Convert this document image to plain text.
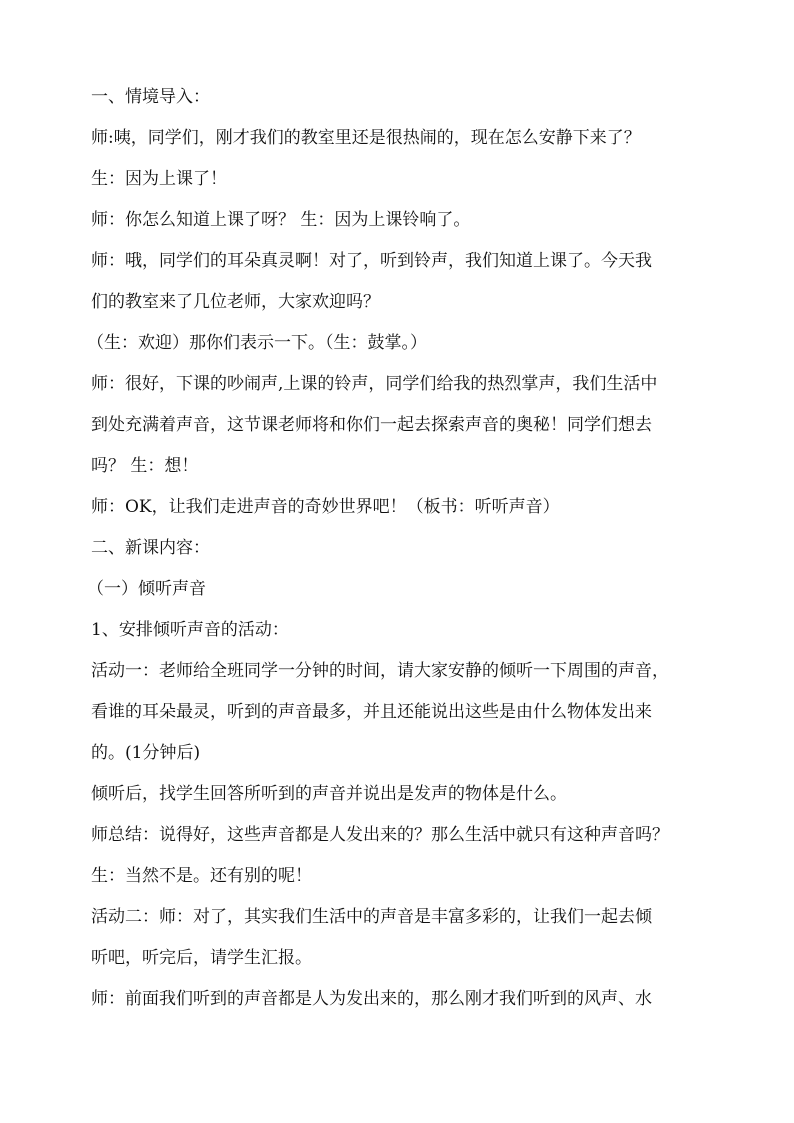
一、情境导入：
师:咦，同学们，刚才我们的教室里还是很热闹的，现在怎么安静下来了？
生：因为上课了！
师：你怎么知道上课了呀？ 生：因为上课铃响了。
师：哦，同学们的耳朵真灵啊！对了，听到铃声，我们知道上课了。今天我
们的教室来了几位老师，大家欢迎吗？
（生：欢迎）那你们表示一下。（生：鼓掌。）
师：很好，下课的吵闹声,上课的铃声，同学们给我的热烈掌声，我们生活中
到处充满着声音，这节课老师将和你们一起去探索声音的奥秘！同学们想去
吗？ 生：想！
师：OK，让我们走进声音的奇妙世界吧！（板书：听听声音）
二、新课内容：
（一）倾听声音
1、安排倾听声音的活动：
活动一：老师给全班同学一分钟的时间，请大家安静的倾听一下周围的声音，
看谁的耳朵最灵，听到的声音最多，并且还能说出这些是由什么物体发出来
的。(1分钟后)
倾听后，找学生回答所听到的声音并说出是发声的物体是什么。
师总结：说得好，这些声音都是人发出来的？那么生活中就只有这种声音吗？
生：当然不是。还有别的呢！
活动二：师：对了，其实我们生活中的声音是丰富多彩的，让我们一起去倾
听吧，听完后，请学生汇报。
师：前面我们听到的声音都是人为发出来的，那么刚才我们听到的风声、水
